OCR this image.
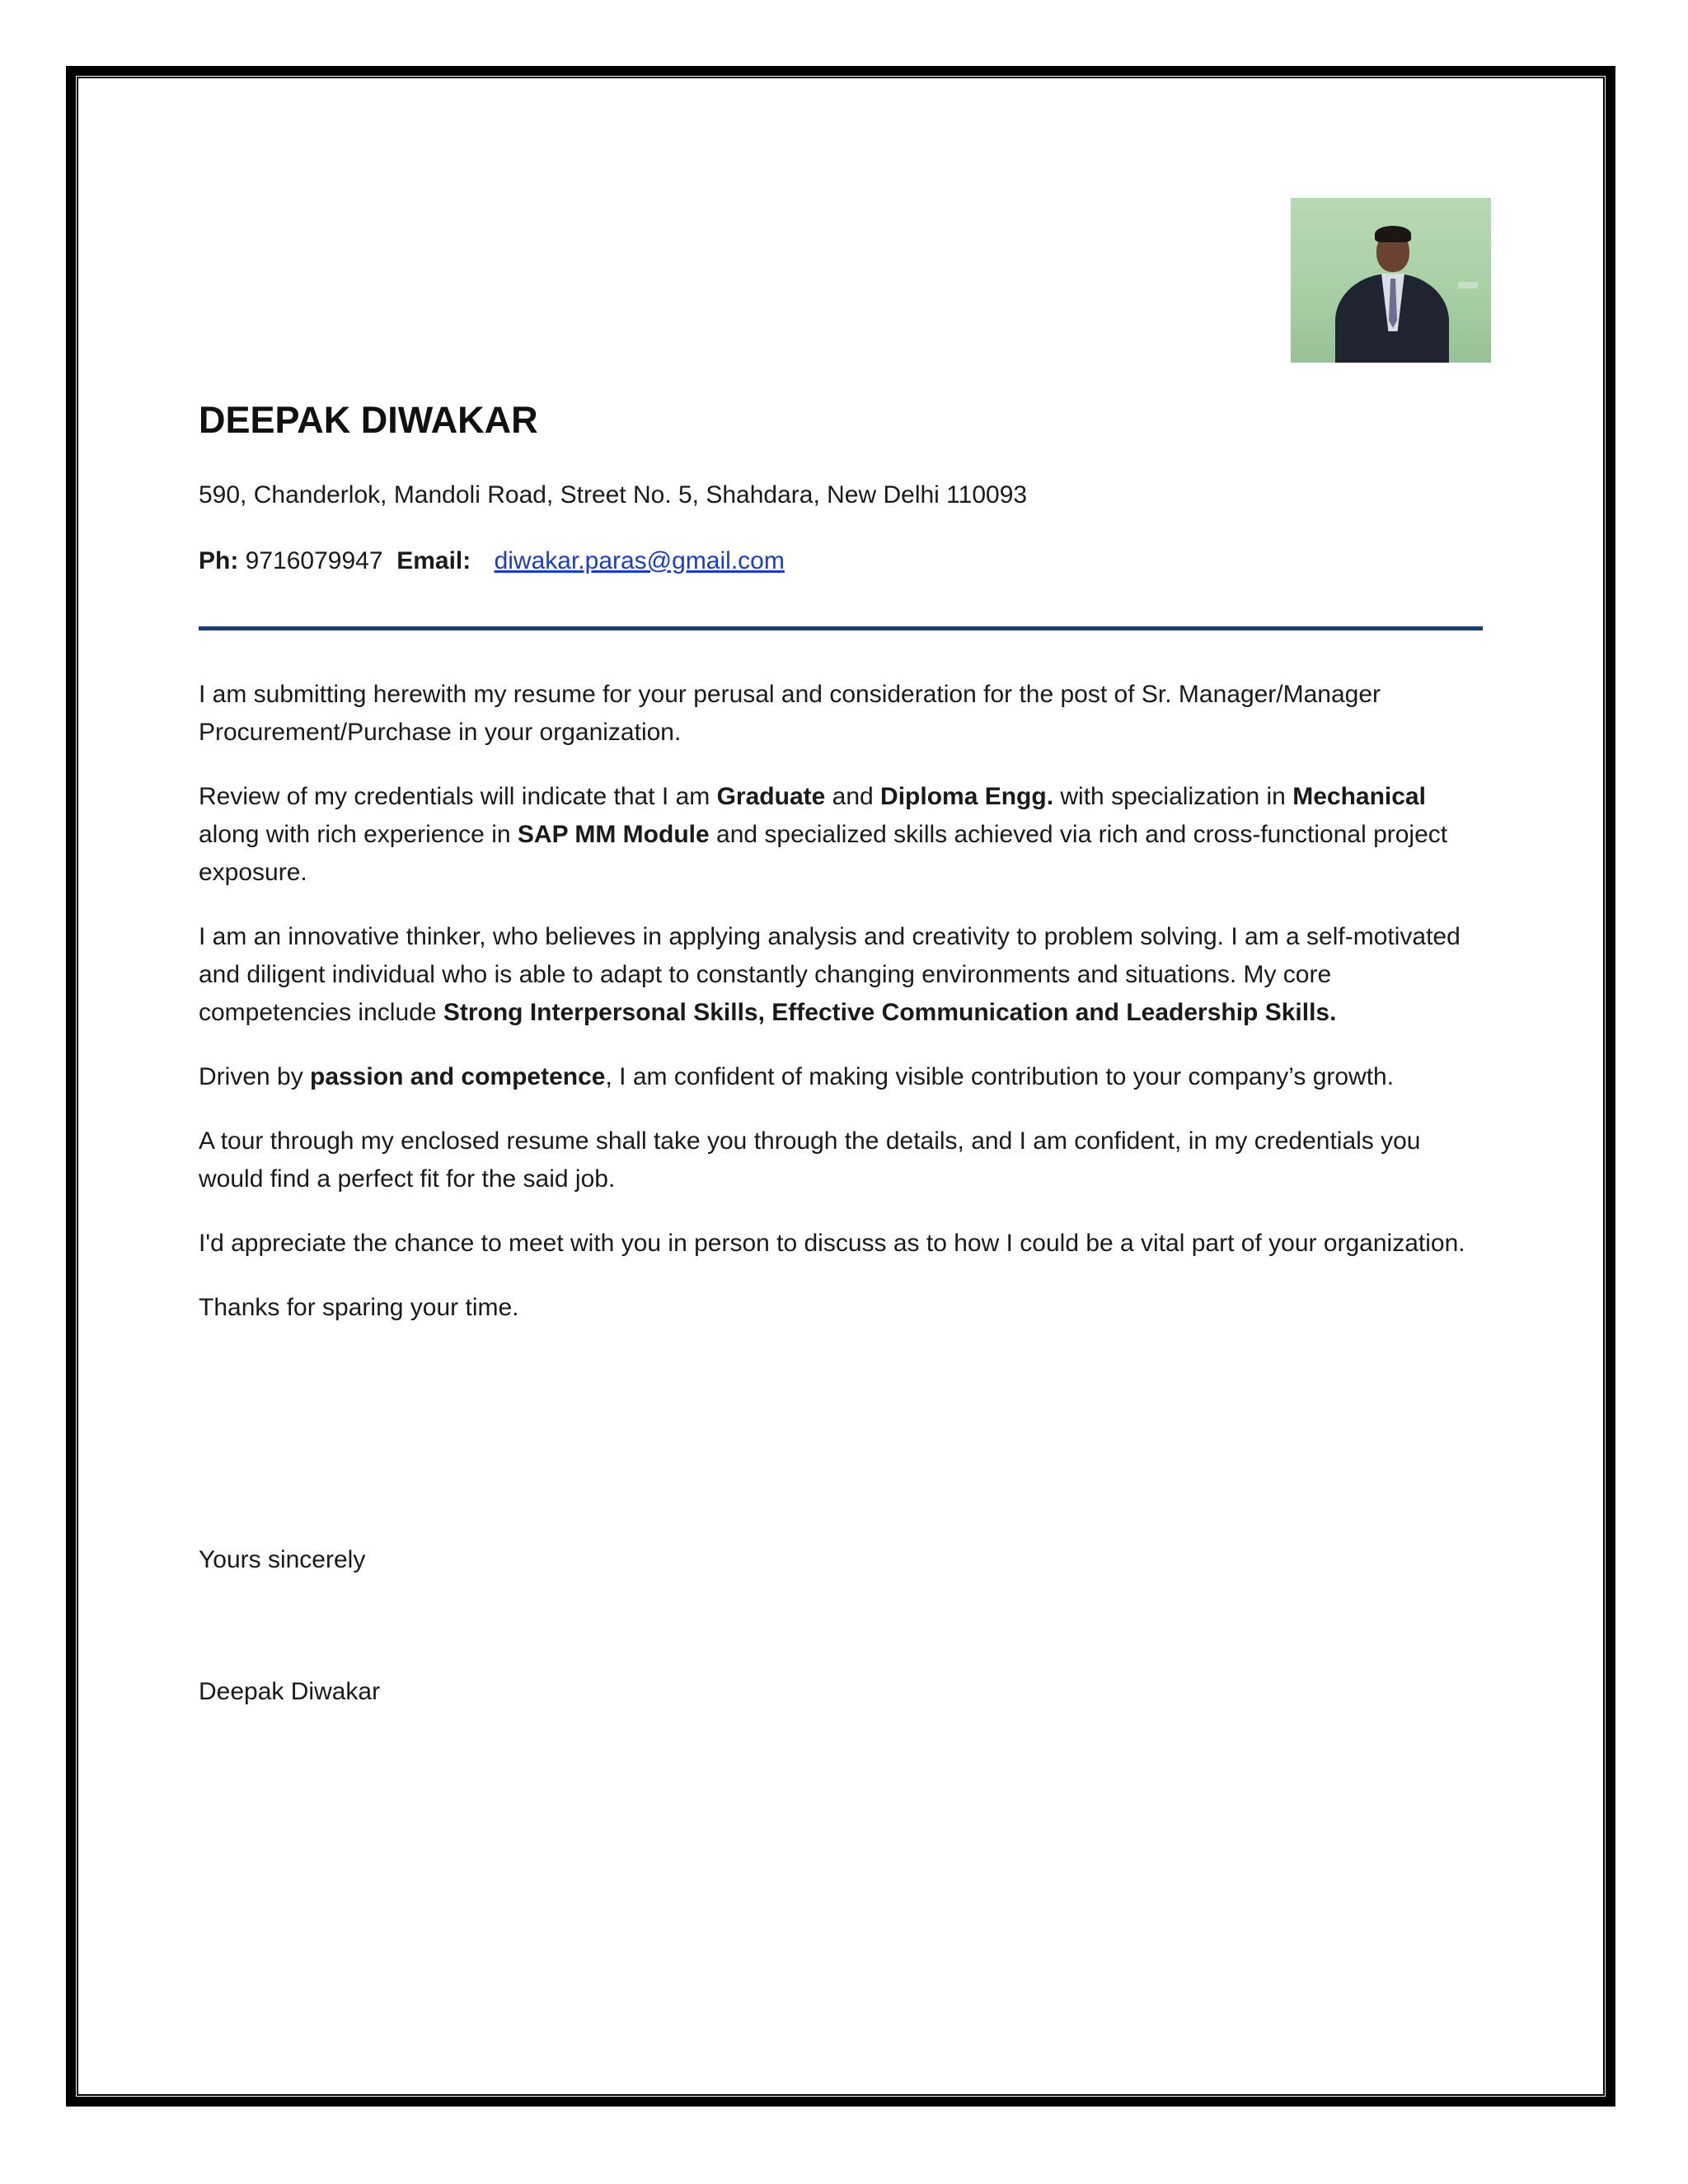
DEEPAK DIWAKAR

590, Chanderlok, Mandoli Road, Street No. 5, Shahdara, New Delhi 110093

Ph: 9716079947 Email: diwakar.paras@gmail.com

I am submitting herewith my resume for your perusal and consideration for the post of Sr. Manager/Manager Procurement/Purchase in your organization.

Review of my credentials will indicate that I am Graduate and Diploma Engg. with specialization in Mechanical along with rich experience in SAP MM Module and specialized skills achieved via rich and cross-functional project exposure.

I am an innovative thinker, who believes in applying analysis and creativity to problem solving. I am a self-motivated and diligent individual who is able to adapt to constantly changing environments and situations. My core competencies include Strong Interpersonal Skills, Effective Communication and Leadership Skills.

Driven by passion and competence, I am confident of making visible contribution to your company’s growth.

A tour through my enclosed resume shall take you through the details, and I am confident, in my credentials you would find a perfect fit for the said job.

I'd appreciate the chance to meet with you in person to discuss as to how I could be a vital part of your organization.

Thanks for sparing your time.

Yours sincerely

Deepak Diwakar
